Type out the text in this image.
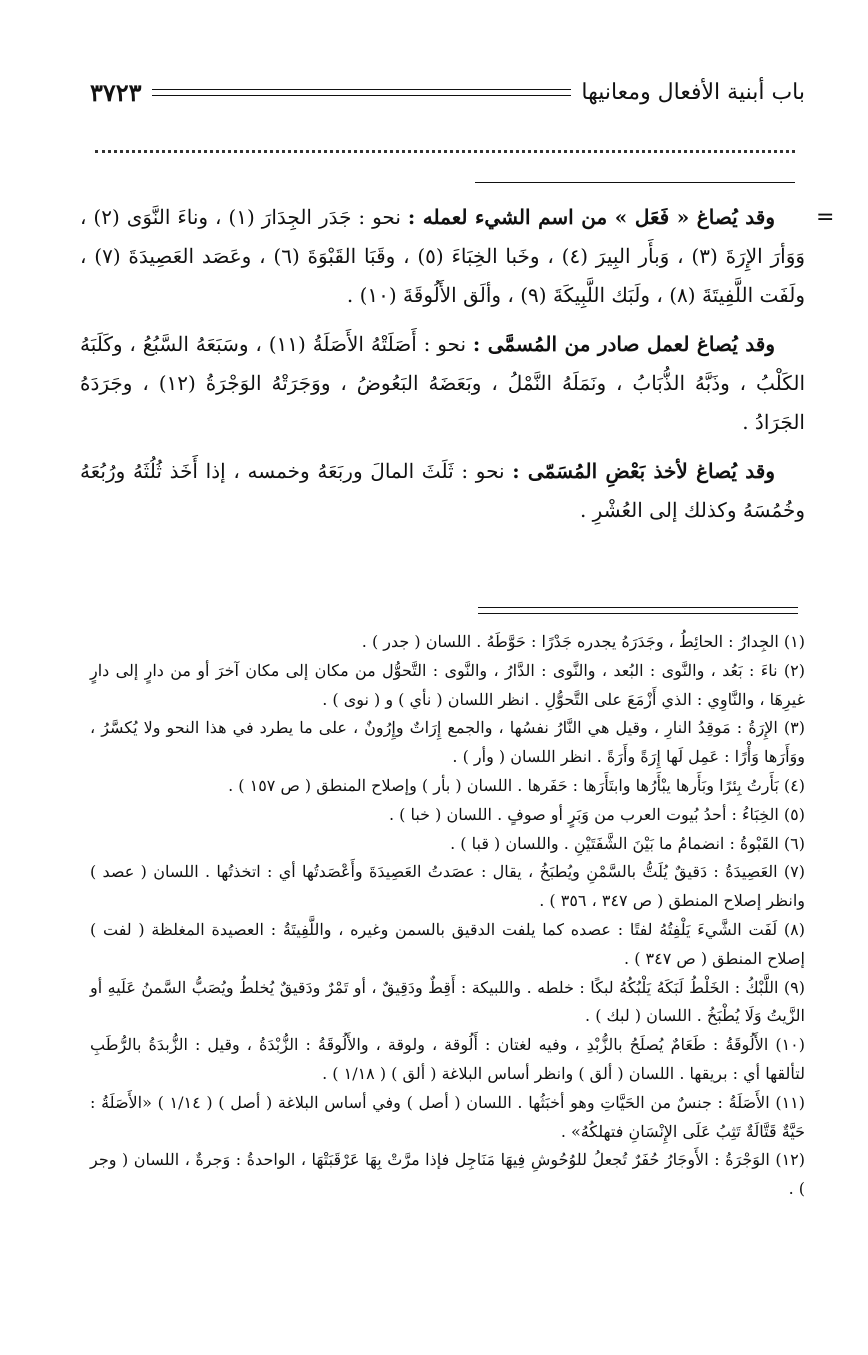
باب أبنية الأفعال ومعانيها
٣٧٢٣
=

وقد يُصاغ « فَعَل » من اسم الشيء لعمله : نحو : جَدَر الجِدَارَ (١) ، وناءَ النَّوَى (٢) ، وَوَأرَ الإِرَةَ (٣) ، وَبأَر البِيرَ (٤) ، وخَبا الخِبَاءَ (٥) ، وقَبَا القَبْوَةَ (٦) ، وعَصَد العَصِيدَةَ (٧) ، ولَفَت اللَّفِيتَةَ (٨) ، ولَبَك اللَّبِيكَةَ (٩) ، وألَق الأَلُوقَةَ (١٠) .

وقد يُصاغ لعمل صادر من المُسمَّى : نحو : أَصَلَتْهُ الأَصَلَةُ (١١) ، وسَبَعَهُ السَّبُعُ ، وكَلَبَهُ الكَلْبُ ، وذَبَّهُ الذُّبَابُ ، ونَمَلَهُ النَّمْلُ ، وبَعَضَهُ البَعُوضُ ، ووَجَرَتْهُ الوَجْرَةُ (١٢) ، وجَرَدَهُ الجَرَادُ .

وقد يُصاغ لأخذ بَعْضِ المُسَمّى : نحو : ثَلَثَ المالَ وربَعَهُ وخمسه ، إذا أَخَذ ثُلُثَهُ ورُبُعَهُ وخُمُسَهُ وكذلك إلى العُشْرِ .

(١) الجِدارُ : الحائِطُ ، وجَدَرَهُ يجدره جَدْرًا : حَوَّطَهُ . اللسان ( جدر ) .

(٢) ناءَ : بَعُد ، والنَّوى : البُعد ، والنَّوى : الدَّارُ ، والنَّوى : التَّحوُّل من مكان إلى مكان آخرَ أو من دارٍ إلى دارٍ غيرِهَا ، والنَّاوِي : الذي أَزْمَعَ على التَّحوُّلِ . انظر اللسان ( نأي ) و ( نوى ) .

(٣) الإِرَةُ : مَوقِدُ النارِ ، وقيل هي النَّارُ نفسُها ، والجمع إِرَاتٌ وإِرُونٌ ، على ما يطرد في هذا النحو ولا يُكسَّرُ ، ووَأَرَها وَأْرًا : عَمِل لَها إِرَةً وأَرَةً . انظر اللسان ( وأر ) .

(٤) بَأَرتُ بِئرًا وبَأَرها يبْأَرُها وابتَأَرَها : حَفَرها . اللسان ( بأر ) وإصلاح المنطق ( ص ١٥٧ ) .

(٥) الخِبَاءُ : أحدُ بُيوت العرب من وَبَرٍ أو صوفٍ . اللسان ( خبا ) .

(٦) القَبْوةُ : انضمامُ ما بَيْنَ الشَّفَتَيْنِ . واللسان ( قبا ) .

(٧) العَصِيدَةُ : دَقيقٌ يُلَتُّ بالسَّمْنِ ويُطبَخُ ، يقال : عصَدتُ العَصِيدَةَ وأَعْصَدتُها أي : اتخذتُها . اللسان ( عصد ) وانظر إصلاح المنطق ( ص ٣٤٧ ، ٣٥٦ ) .

(٨) لَفَت الشَّيءَ يَلْفِتُهُ لفتًا : عصده كما يلفت الدقيق بالسمن وغيره ، واللَّفِيتَةُ : العصيدة المغلظة ( لفت ) إصلاح المنطق ( ص ٣٤٧ ) .

(٩) اللَّبْكُ : الخَلْطُ لَبَكَهُ يَلْبُكُهُ لبكًا : خلطه . واللبيكة : أَقِطٌ ودَقِيقٌ ، أو تَمْرٌ ودَقيقٌ يُخلطُ ويُصَبُّ السَّمنُ عَلَيهِ أو الزَّيتُ وَلَا يُطْبَخُ . اللسان ( لبك ) .

(١٠) الأَلُوقَةُ : طَعَامٌ يُصلَحُ بالزُّبْدِ ، وفيه لغتان : أَلُوقة ، ولوقة ، والأَلُوقَةُ : الزُّبْدَةُ ، وقيل : الزُّبدَةُ بالرُّطَبِ لتألقها أي : بريقها . اللسان ( ألق ) وانظر أساس البلاغة ( ألق ) ( ١/١٨ ) .

(١١) الأَصَلَةُ : جنسٌ من الحَيَّاتِ وهو أخبَثُها . اللسان ( أصل ) وفي أساس البلاغة ( أصل ) ( ١/١٤ ) «الأَصَلَةُ : حَيَّةٌ قَتَّالَةٌ تَثِبُ عَلَى الإِنْسَانِ فتهلكُهُ» .

(١٢) الوَجْرَةُ : الأَوجَارُ حُفَرٌ تُجعلُ للوُحُوشِ فِيهَا مَنَاجِل فإذا مرَّتْ بِهَا عَرْقَبَتْهَا ، الواحدةُ : وَجرةٌ ، اللسان ( وجر ) .
